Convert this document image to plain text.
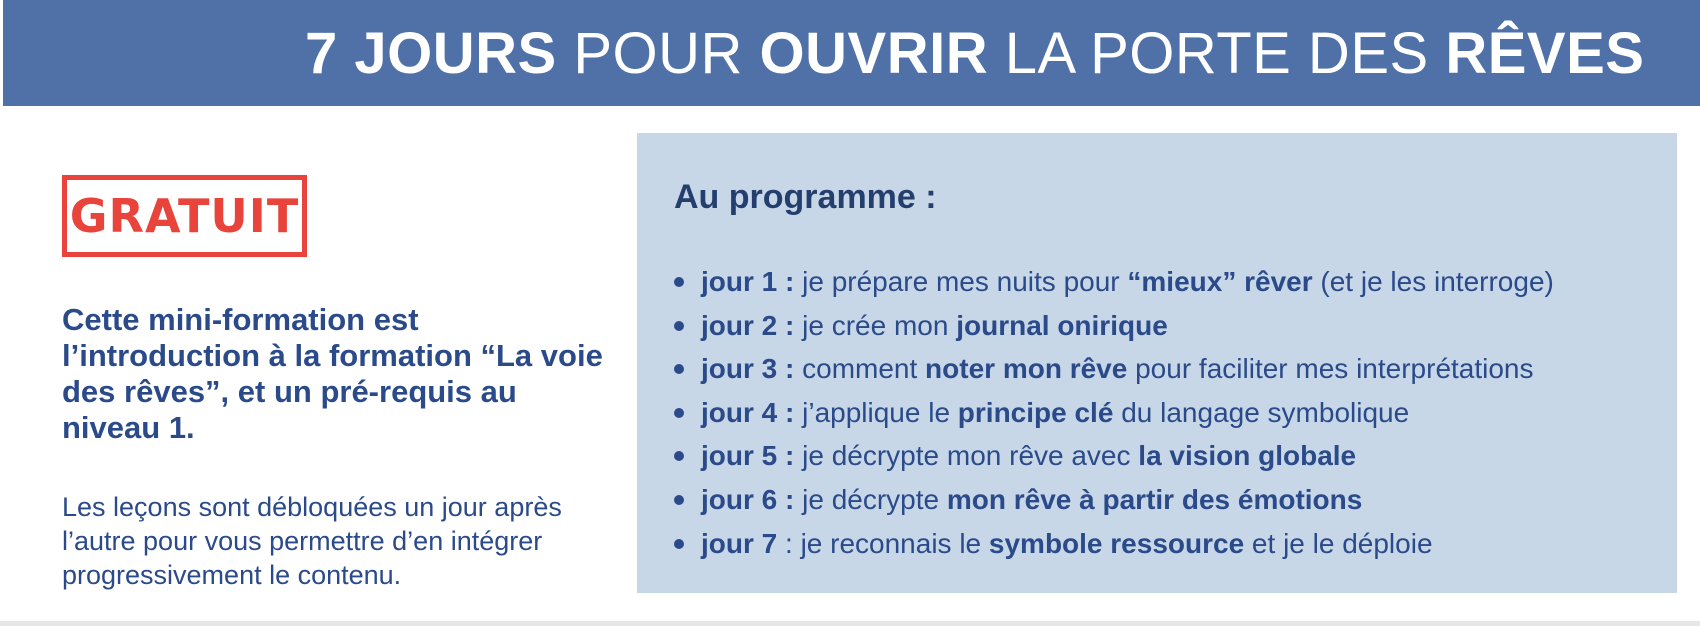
7 JOURS POUR OUVRIR LA PORTE DES RÊVES
GRATUIT
Cette mini-formation est l’introduction à la formation “La voie des rêves”, et un pré-requis au niveau 1.
Les leçons sont débloquées un jour après l’autre pour vous permettre d’en intégrer progressivement le contenu.
Au programme :
jour 1 : je prépare mes nuits pour “mieux” rêver (et je les interroge)
jour 2 : je crée mon journal onirique
jour 3 : comment noter mon rêve pour faciliter mes interprétations
jour 4 : j’applique le principe clé du langage symbolique
jour 5 : je décrypte mon rêve avec la vision globale
jour 6 : je décrypte mon rêve à partir des émotions
jour 7 : je reconnais le symbole ressource et je le déploie
